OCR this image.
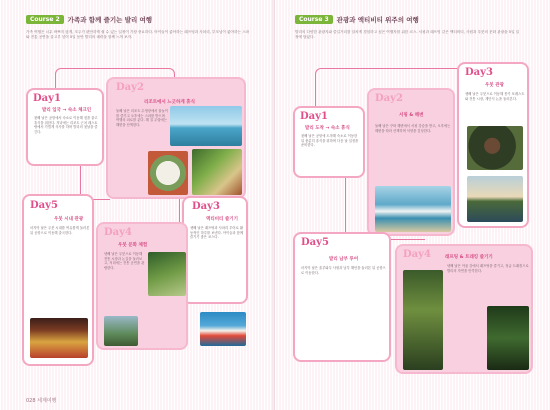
Course 2	가족과 함께 즐기는 발리 여행
가족 여행은 너무 바쁘지 않게, 모두가 편안하게 쉴 수 있는 일정이 가장 중요하다. 아이들이 좋아하는 래프팅과 사파리, 부모님이 좋아하는 스파와 전통 공연을 골고루 넣어 5일 동안 발리의 매력을 함께 느껴 보자.
Day1
발리 입국 → 숙소 체크인
첫째 날은 공항에서 숙소로 이동해 짐을 풀고 휴식을 취한다. 저녁에는 리조트 근처 레스토랑에서 가볍게 식사를 하며 발리의 첫날을 즐긴다.
Day2
리조트에서 느긋하게 휴식
둘째 날은 리조트 수영장에서 물놀이를 즐기고 오후에는 스파를 받으며 여행의 피로를 푼다. 해 질 무렵에는 해변을 산책한다.
Day3
액티비티 즐기기
셋째 날은 래프팅과 사파리 투어로 활동적인 하루를 보낸다. 아이들과 함께 즐기기 좋은 코스다.
Day4
우붓 문화 체험
넷째 날은 우붓으로 이동해 전통 시장과 논길을 둘러보고, 저녁에는 전통 공연을 관람한다.
Day5
우붓 시내 관광
마지막 날은 우붓 시내를 여유롭게 둘러본 뒤 공항으로 이동해 출국한다.
028 세계여행
Course 3	관광과 액티비티 위주의 여행
발리의 다양한 관광지와 즐길거리를 알차게 경험하고 싶은 여행자를 위한 코스. 서핑과 래프팅 같은 액티비티, 사원과 우붓의 문화 관광을 5일 일정에 담았다.
Day1
발리 도착 → 숙소 휴식
첫째 날은 공항에 도착해 숙소로 이동한 뒤 충분히 휴식을 취하며 다음 날 일정을 준비한다.
Day2
서핑 & 해변
둘째 날은 꾸따 해변에서 서핑 강습을 받고, 오후에는 해변을 따라 산책하며 석양을 감상한다.
Day3
우붓 관광
셋째 날은 우붓으로 이동해 몽키 포레스트와 전통 시장, 계단식 논을 둘러본다.
Day4	래프팅 & 트래킹 즐기기
넷째 날은 아융 강에서 래프팅을 즐기고, 정글 트래킹으로 발리의 자연을 만끽한다.
Day5
발리 남부 투어
마지막 날은 울루와뚜 사원과 남부 해안을 둘러본 뒤 공항으로 이동한다.
